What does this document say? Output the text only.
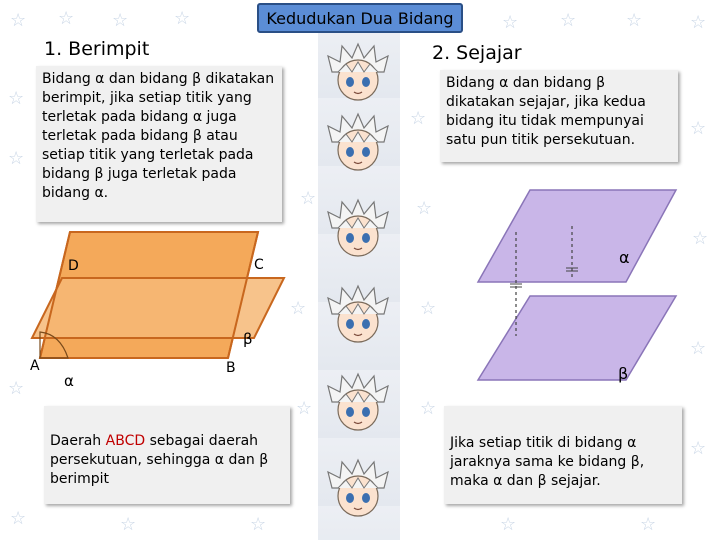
☆ ☆ ☆	☆	☆ ☆	☆	☆
☆
☆
☆
☆
☆
☆
☆
☆	☆
☆
☆
☆	☆
☆
☆	☆	☆	☆	☆
Kedudukan Dua Bidang
1. Berimpit
Bidang α dan bidang β dikatakan berimpit, jika setiap titik yang terletak pada bidang α juga terletak pada bidang β atau setiap titik yang terletak pada bidang β juga terletak pada bidang α.
D	C
A	B
α
β
Daerah ABCD sebagai daerah persekutuan, sehingga α dan β berimpit
2. Sejajar
Bidang α dan bidang β dikatakan sejajar, jika kedua bidang itu tidak mempunyai satu pun titik persekutuan.
α
β
Jika setiap titik di bidang α jaraknya sama ke bidang β, maka α dan β sejajar.
